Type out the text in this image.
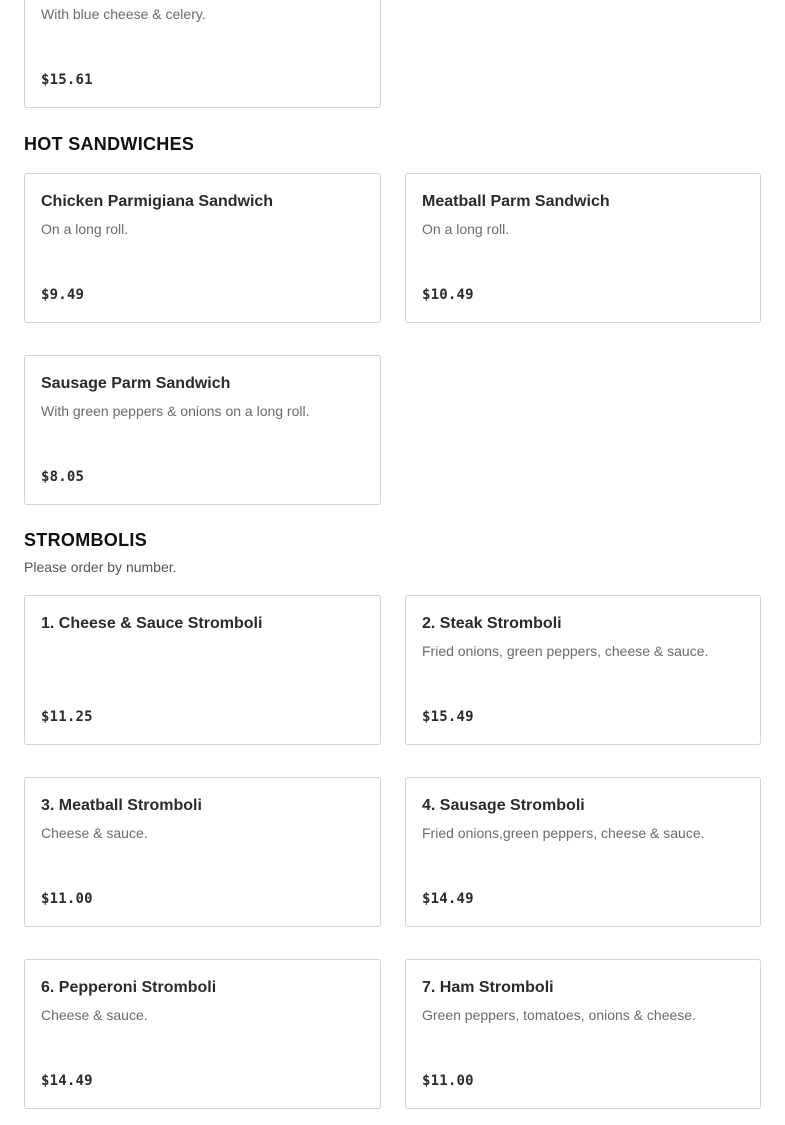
With blue cheese & celery.
$15.61
HOT SANDWICHES
Chicken Parmigiana Sandwich
On a long roll.
$9.49
Meatball Parm Sandwich
On a long roll.
$10.49
Sausage Parm Sandwich
With green peppers & onions on a long roll.
$8.05
STROMBOLIS
Please order by number.
1. Cheese & Sauce Stromboli
$11.25
2. Steak Stromboli
Fried onions, green peppers, cheese & sauce.
$15.49
3. Meatball Stromboli
Cheese & sauce.
$11.00
4. Sausage Stromboli
Fried onions,green peppers, cheese & sauce.
$14.49
6. Pepperoni Stromboli
Cheese & sauce.
$14.49
7. Ham Stromboli
Green peppers, tomatoes, onions & cheese.
$11.00
